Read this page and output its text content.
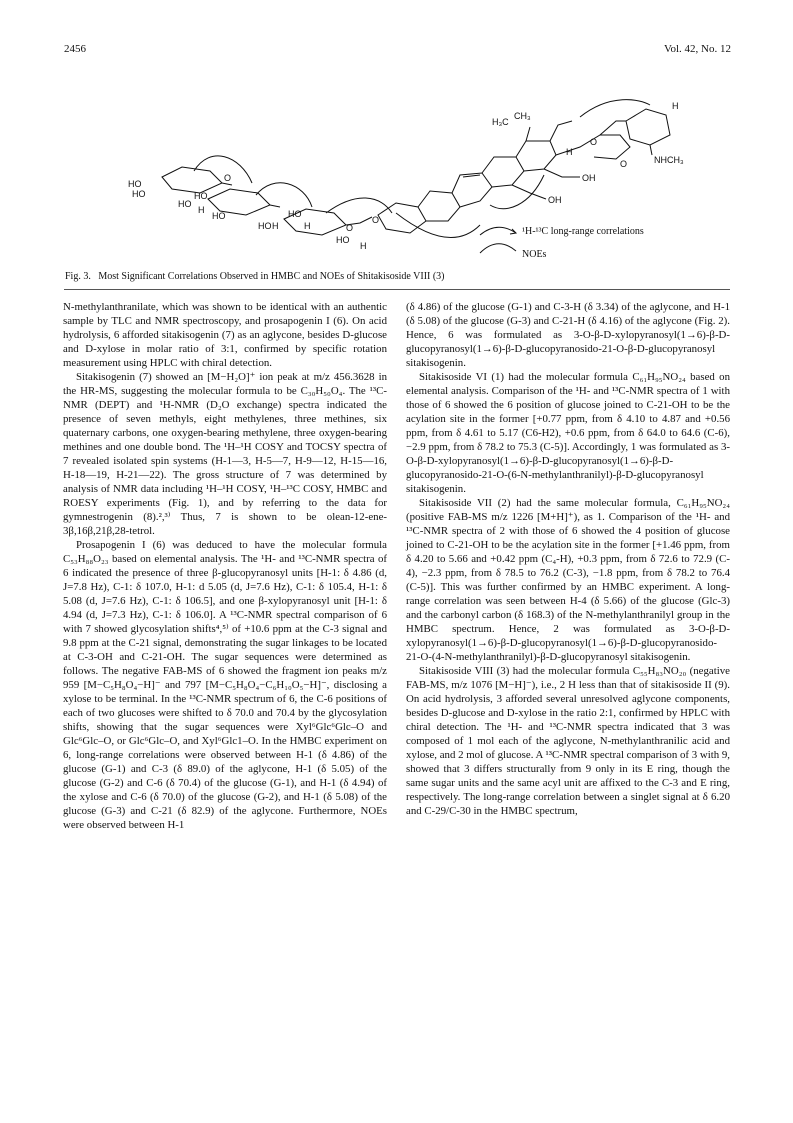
2456	Vol. 42, No. 12
H₃C
CH₃
H
NHCH₃
OH
OH
O
O
H
HO
HO
HO
HO
HO	HO
HO
HO
H
H	H
H
O
O
O
¹H-¹³C long-range correlations
NOEs
Fig. 3. Most Significant Correlations Observed in HMBC and NOEs of Shitakisoside VIII (3)

N-methylanthranilate, which was shown to be identical with an authentic sample by TLC and NMR spectroscopy, and prosapogenin I (6). On acid hydrolysis, 6 afforded sitakisogenin (7) as an aglycone, besides D-glucose and D-xylose in molar ratio of 3:1, confirmed by specific rotation measurement using HPLC with chiral detection.

Sitakisogenin (7) showed an [M−H₂O]⁺ ion peak at m/z 456.3628 in the HR-MS, suggesting the molecular formula to be C₃₀H₅₀O₄. The ¹³C-NMR (DEPT) and ¹H-NMR (D₂O exchange) spectra indicated the presence of seven methyls, eight methylenes, three methines, six quaternary carbons, one oxygen-bearing methylene, three oxygen-bearing methines and one double bond. The ¹H–¹H COSY and TOCSY spectra of 7 revealed isolated spin systems (H-1—3, H-5—7, H-9—12, H-15—16, H-18—19, H-21—22). The gross structure of 7 was determined by analysis of NMR data including ¹H–¹H COSY, ¹H–¹³C COSY, HMBC and ROESY experiments (Fig. 1), and by referring to the data for gymnestrogenin (8).²,³⁾ Thus, 7 is shown to be olean-12-ene-3β,16β,21β,28-tetrol.

Prosapogenin I (6) was deduced to have the molecular formula C₅₃H₈₈O₂₃ based on elemental analysis. The ¹H- and ¹³C-NMR spectra of 6 indicated the presence of three β-glucopyranosyl units [H-1: δ 4.86 (d, J=7.8 Hz), C-1: δ 107.0, H-1: d 5.05 (d, J=7.6 Hz), C-1: δ 105.4, H-1: δ 5.08 (d, J=7.6 Hz), C-1: δ 106.5], and one β-xylopyranosyl unit [H-1: δ 4.94 (d, J=7.3 Hz), C-1: δ 106.0]. A ¹³C-NMR spectral comparison of 6 with 7 showed glycosylation shifts⁴,⁵⁾ of +10.6 ppm at the C-3 signal and 9.8 ppm at the C-21 signal, demonstrating the sugar linkages to be located at C-3-OH and C-21-OH. The sugar sequences were determined as follows. The negative FAB-MS of 6 showed the fragment ion peaks m/z 959 [M−C₅H₈O₄−H]⁻ and 797 [M−C₅H₈O₄−C₆H₁₀O₅−H]⁻, disclosing a xylose to be terminal. In the ¹³C-NMR spectrum of 6, the C-6 positions of each of two glucoses were shifted to δ 70.0 and 70.4 by the glycosylation shifts, showing that the sugar sequences were Xyl⁶Glc⁶Glc–O and Glc⁶Glc–O, or Glc⁶Glc–O, and Xyl⁶Glc1–O. In the HMBC experiment on 6, long-range correlations were observed between H-1 (δ 4.86) of the glucose (G-1) and C-3 (δ 89.0) of the aglycone, H-1 (δ 5.05) of the glucose (G-2) and C-6 (δ 70.4) of the glucose (G-1), and H-1 (δ 4.94) of the xylose and C-6 (δ 70.0) of the glucose (G-2), and H-1 (δ 5.08) of the glucose (G-3) and C-21 (δ 82.9) of the aglycone. Furthermore, NOEs were observed between H-1

(δ 4.86) of the glucose (G-1) and C-3-H (δ 3.34) of the aglycone, and H-1 (δ 5.08) of the glucose (G-3) and C-21-H (δ 4.16) of the aglycone (Fig. 2). Hence, 6 was formulated as 3-O-β-D-xylopyranosyl(1→6)-β-D-glucopyranosyl(1→6)-β-D-glucopyranosido-21-O-β-D-glucopyranosyl sitakisogenin.

Sitakisoside VI (1) had the molecular formula C₆₁H₉₅NO₂₄ based on elemental analysis. Comparison of the ¹H- and ¹³C-NMR spectra of 1 with those of 6 showed the 6 position of glucose joined to C-21-OH to be the acylation site in the former [+0.77 ppm, from δ 4.10 to 4.87 and +0.56 ppm, from δ 4.61 to 5.17 (C6-H2), +0.6 ppm, from δ 64.0 to 64.6 (C-6), −2.9 ppm, from δ 78.2 to 75.3 (C-5)]. Accordingly, 1 was formulated as 3-O-β-D-xylopyranosyl(1→6)-β-D-glucopyranosyl(1→6)-β-D-glucopyranosido-21-O-(6-N-methylanthranilyl)-β-D-glucopyranosyl sitakisogenin.

Sitakisoside VII (2) had the same molecular formula, C₆₁H₉₅NO₂₄ (positive FAB-MS m/z 1226 [M+H]⁺), as 1. Comparison of the ¹H- and ¹³C-NMR spectra of 2 with those of 6 showed the 4 position of glucose joined to C-21-OH to be the acylation site in the former [+1.46 ppm, from δ 4.20 to 5.66 and +0.42 ppm (C₄-H), +0.3 ppm, from δ 72.6 to 72.9 (C-4), −2.3 ppm, from δ 78.5 to 76.2 (C-3), −1.8 ppm, from δ 78.2 to 76.4 (C-5)]. This was further confirmed by an HMBC experiment. A long-range correlation was seen between H-4 (δ 5.66) of the glucose (Glc-3) and the carbonyl carbon (δ 168.3) of the N-methylanthranilyl group in the HMBC spectrum. Hence, 2 was formulated as 3-O-β-D-xylopyranosyl(1→6)-β-D-glucopyranosyl(1→6)-β-D-glucopyranosido-21-O-(4-N-methylanthranilyl)-β-D-glucopyranosyl sitakisogenin.

Sitakisoside VIII (3) had the molecular formula C₅₅H₈₃NO₂₀ (negative FAB-MS, m/z 1076 [M−H]⁻), i.e., 2 H less than that of sitakisoside II (9). On acid hydrolysis, 3 afforded several unresolved aglycone components, besides D-glucose and D-xylose in the ratio 2:1, confirmed by HPLC with chiral detection. The ¹H- and ¹³C-NMR spectra indicated that 3 was composed of 1 mol each of the aglycone, N-methylanthranilic acid and xylose, and 2 mol of glucose. A ¹³C-NMR spectral comparison of 3 with 9, showed that 3 differs structurally from 9 only in its E ring, though the same sugar units and the same acyl unit are affixed to the C-3 and E ring, respectively. The long-range correlation between a singlet signal at δ 6.20 and C-29/C-30 in the HMBC spectrum,
